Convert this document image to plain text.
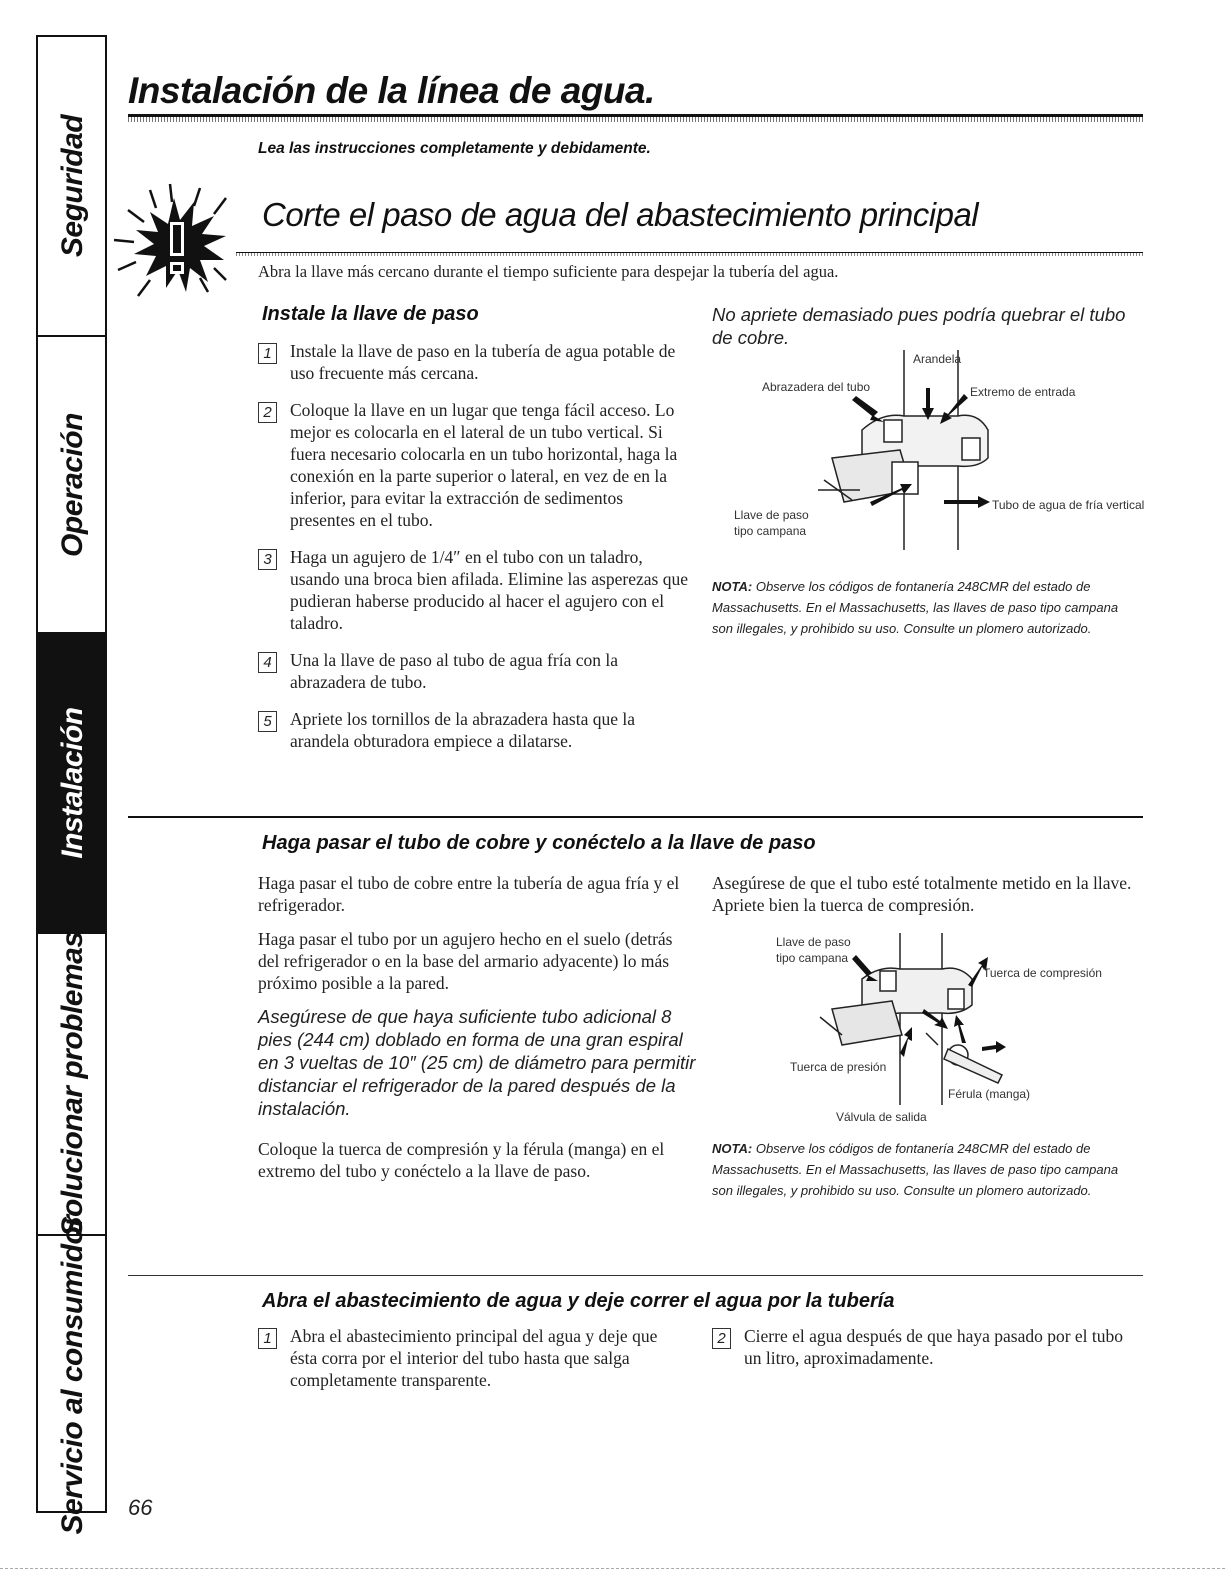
Seguridad
Operación
Instalación
Solucionar problemas
Servicio al consumidor
Instalación de la línea de agua.
Lea las instrucciones completamente y debidamente.
Corte el paso de agua del abastecimiento principal

Abra la llave más cercano durante el tiempo suficiente para despejar la tubería del agua.

Instale la llave de paso
1	Instale la llave de paso en la tubería de agua potable de uso frecuente más cercana.
2	Coloque la llave en un lugar que tenga fácil acceso. Lo mejor es colocarla en el lateral de un tubo vertical. Si fuera necesario colocarla en un tubo horizontal, haga la conexión en la parte superior o lateral, en vez de en la inferior, para evitar la extracción de sedimentos presentes en el tubo.
3	Haga un agujero de 1/4″ en el tubo con un taladro, usando una broca bien afilada. Elimine las asperezas que pudieran haberse producido al hacer el agujero con el taladro.
4	Una la llave de paso al tubo de agua fría con la abrazadera de tubo.
5	Apriete los tornillos de la abrazadera hasta que la arandela obturadora empiece a dilatarse.
No apriete demasiado pues podría quebrar el tubo de cobre.
Arandela
Abrazadera del tubo	Extremo de entrada
Llave de paso
tipo campana
Tubo de agua de fría vertical
NOTA: Observe los códigos de fontanería 248CMR del estado de Massachusetts. En el Massachusetts, las llaves de paso tipo campana son illegales, y prohibido su uso. Consulte un plomero autorizado.
Haga pasar el tubo de cobre y conéctelo a la llave de paso

Haga pasar el tubo de cobre entre la tubería de agua fría y el refrigerador.

Haga pasar el tubo por un agujero hecho en el suelo (detrás del refrigerador o en la base del armario adyacente) lo más próximo posible a la pared.

Asegúrese de que haya suficiente tubo adicional 8 pies (244 cm) doblado en forma de una gran espiral en 3 vueltas de 10″ (25 cm) de diámetro para permitir distanciar el refrigerador de la pared después de la instalación.

Coloque la tuerca de compresión y la férula (manga) en el extremo del tubo y conéctelo a la llave de paso.

Asegúrese de que el tubo esté totalmente metido en la llave. Apriete bien la tuerca de compresión.

Llave de paso
tipo campana
Tuerca de compresión
Tuerca de presión
Férula (manga)
Válvula de salida
NOTA: Observe los códigos de fontanería 248CMR del estado de Massachusetts. En el Massachusetts, las llaves de paso tipo campana son illegales, y prohibido su uso. Consulte un plomero autorizado.
Abra el abastecimiento de agua y deje correr el agua por la tubería
1	Abra el abastecimiento principal del agua y deje que ésta corra por el interior del tubo hasta que salga completamente transparente.
2	Cierre el agua después de que haya pasado por el tubo un litro, aproximadamente.
66
